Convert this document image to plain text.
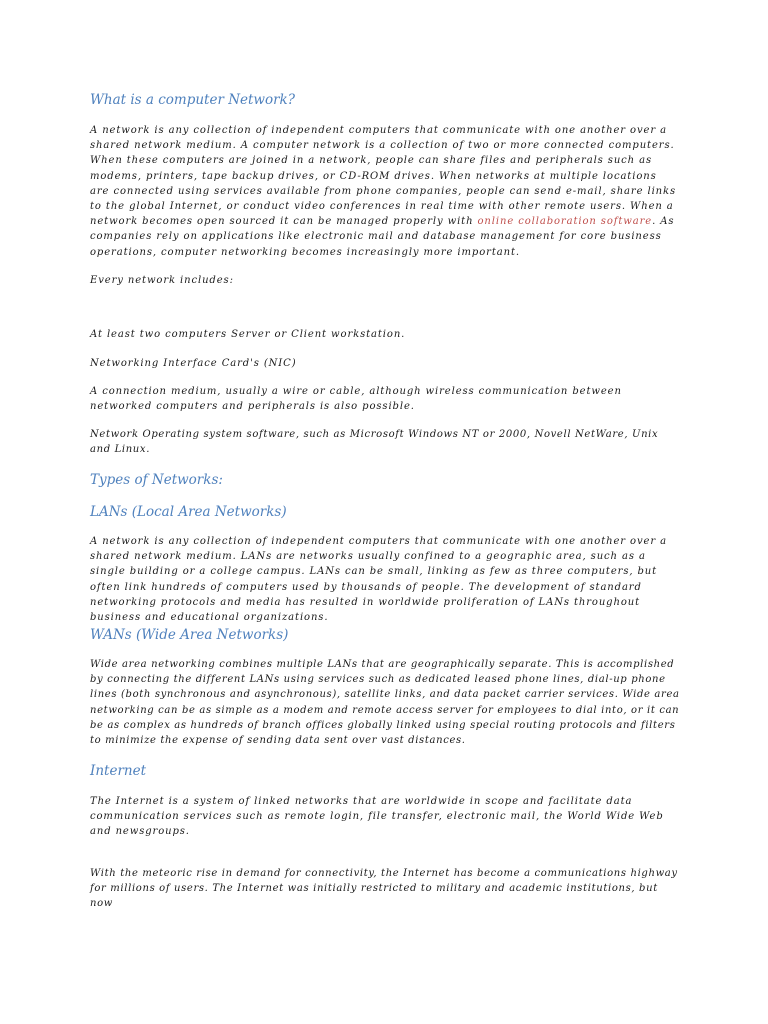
What is a computer Network?

A network is any collection of independent computers that communicate with one another over a shared network medium. A computer network is a collection of two or more connected computers. When these computers are joined in a network, people can share files and peripherals such as modems, printers, tape backup drives, or CD-ROM drives. When networks at multiple locations are connected using services available from phone companies, people can send e-mail, share links to the global Internet, or conduct video conferences in real time with other remote users. When a network becomes open sourced it can be managed properly with online collaboration software. As companies rely on applications like electronic mail and database management for core business operations, computer networking becomes increasingly more important.

Every network includes:

At least two computers Server or Client workstation.

Networking Interface Card's (NIC)

A connection medium, usually a wire or cable, although wireless communication between networked computers and peripherals is also possible.

Network Operating system software, such as Microsoft Windows NT or 2000, Novell NetWare, Unix and Linux.

Types of Networks:
LANs (Local Area Networks)

A network is any collection of independent computers that communicate with one another over a shared network medium. LANs are networks usually confined to a geographic area, such as a single building or a college campus. LANs can be small, linking as few as three computers, but often link hundreds of computers used by thousands of people. The development of standard networking protocols and media has resulted in worldwide proliferation of LANs throughout business and educational organizations.

WANs (Wide Area Networks)

Wide area networking combines multiple LANs that are geographically separate. This is accomplished by connecting the different LANs using services such as dedicated leased phone lines, dial-up phone lines (both synchronous and asynchronous), satellite links, and data packet carrier services. Wide area networking can be as simple as a modem and remote access server for employees to dial into, or it can be as complex as hundreds of branch offices globally linked using special routing protocols and filters to minimize the expense of sending data sent over vast distances.

Internet

The Internet is a system of linked networks that are worldwide in scope and facilitate data communication services such as remote login, file transfer, electronic mail, the World Wide Web and newsgroups.

With the meteoric rise in demand for connectivity, the Internet has become a communications highway for millions of users. The Internet was initially restricted to military and academic institutions, but now
